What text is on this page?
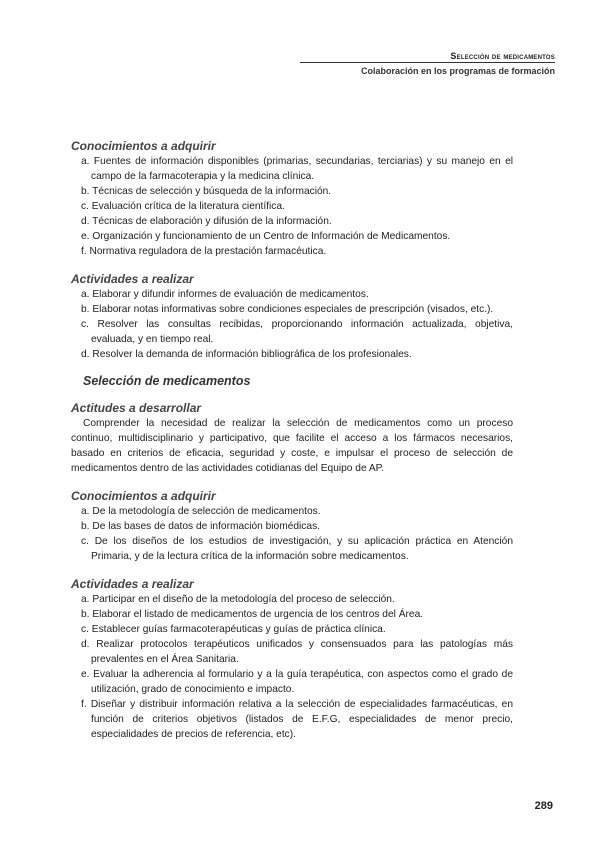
Selección de medicamentos
Colaboración en los programas de formación
Conocimientos a adquirir
a. Fuentes de información disponibles (primarias, secundarias, terciarias) y su manejo en el campo de la farmacoterapia y la medicina clínica.
b. Técnicas de selección y búsqueda de la información.
c. Evaluación crítica de la literatura científica.
d. Técnicas de elaboración y difusión de la información.
e. Organización y funcionamiento de un Centro de Información de Medicamentos.
f. Normativa reguladora de la prestación farmacéutica.
Actividades a realizar
a. Elaborar y difundir informes de evaluación de medicamentos.
b. Elaborar notas informativas sobre condiciones especiales de prescripción (visados, etc.).
c. Resolver las consultas recibidas, proporcionando información actualizada, objetiva, evaluada, y en tiempo real.
d. Resolver la demanda de información bibliográfica de los profesionales.
Selección de medicamentos
Actitudes a desarrollar

Comprender la necesidad de realizar la selección de medicamentos como un proceso continuo, multidisciplinario y participativo, que facilite el acceso a los fármacos necesarios, basado en criterios de eficacia, seguridad y coste, e impulsar el proceso de selección de medicamentos dentro de las actividades cotidianas del Equipo de AP.

Conocimientos a adquirir
a. De la metodología de selección de medicamentos.
b. De las bases de datos de información biomédicas.
c. De los diseños de los estudios de investigación, y su aplicación práctica en Atención Primaria, y de la lectura crítica de la información sobre medicamentos.
Actividades a realizar
a. Participar en el diseño de la metodología del proceso de selección.
b. Elaborar el listado de medicamentos de urgencia de los centros del Área.
c. Establecer guías farmacoterapéuticas y guías de práctica clínica.
d. Realizar protocolos terapéuticos unificados y consensuados para las patologías más prevalentes en el Área Sanitaria.
e. Evaluar la adherencia al formulario y a la guía terapéutica, con aspectos como el grado de utilización, grado de conocimiento e impacto.
f. Diseñar y distribuir información relativa a la selección de especialidades farmacéuticas, en función de criterios objetivos (listados de E.F.G, especialidades de menor precio, especialidades de precios de referencia, etc).
289
